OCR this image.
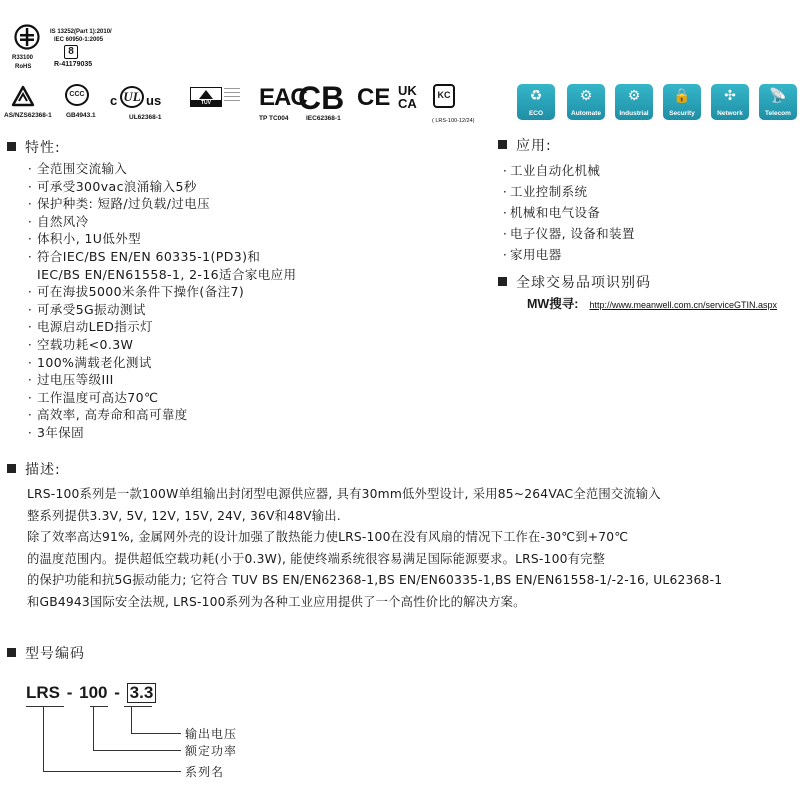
R33100
RoHS
IS 13252(Part 1):2010/
IEC 60950-1:2005
8
R-41179035
AS/NZS62368-1
CCC
GB4943.1
c UL us
UL62368-1
TÜV	EAC
TP TC004
CB
IEC62368-1
CE UK
CA
KC
( LRS-100-12/24)
♻
ECO
⚙
Automate
⚙
Industrial
🔒
Security
✣
Network
📡
Telecom
特性:
· 全范围交流输入
· 可承受300vac浪涌输入5秒
· 保护种类: 短路/过负载/过电压
· 自然风冷
· 体积小, 1U低外型
· 符合IEC/BS EN/EN 60335-1(PD3)和
IEC/BS EN/EN61558-1, 2-16适合家电应用
· 可在海拔5000米条件下操作(备注7)
· 可承受5G振动测试
· 电源启动LED指示灯
· 空载功耗<0.3W
· 100%满载老化测试
· 过电压等级III
· 工作温度可高达70℃
· 高效率, 高寿命和高可靠度
· 3年保固
应用:
· 工业自动化机械
· 工业控制系统
· 机械和电气设备
· 电子仪器, 设备和装置
· 家用电器
全球交易品项识别码
MW搜寻: http://www.meanwell.com.cn/serviceGTIN.aspx
描述:

LRS-100系列是一款100W单组输出封闭型电源供应器, 具有30mm低外型设计, 采用85~264VAC全范围交流输入

整系列提供3.3V, 5V, 12V, 15V, 24V, 36V和48V输出.

除了效率高达91%, 金属网外壳的设计加强了散热能力使LRS-100在没有风扇的情况下工作在-30℃到+70℃

的温度范围内。提供超低空载功耗(小于0.3W), 能使终端系统很容易满足国际能源要求。LRS-100有完整

的保护功能和抗5G振动能力; 它符合 TUV BS EN/EN62368-1,BS EN/EN60335-1,BS EN/EN61558-1/-2-16, UL62368-1

和GB4943国际安全法规, LRS-100系列为各种工业应用提供了一个高性价比的解决方案。

型号编码
LRS - 100 - 3.3
输出电压
额定功率
系列名
